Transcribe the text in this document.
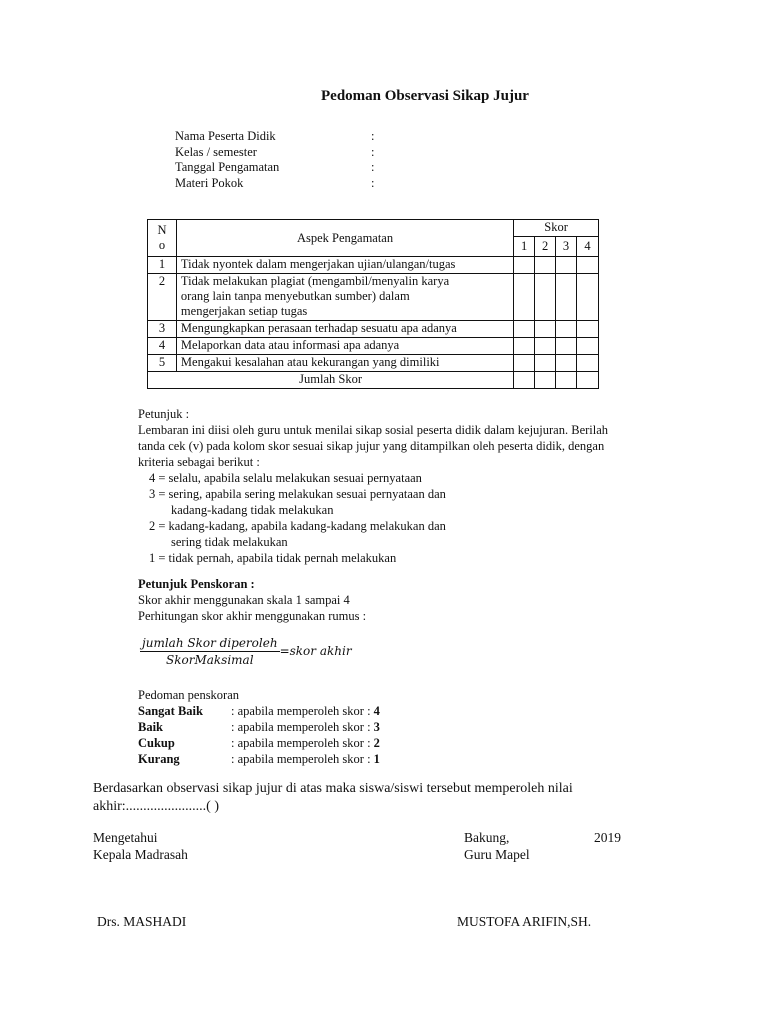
Pedoman Observasi Sikap Jujur
Nama Peserta Didik	:
Kelas / semester	:
Tanggal Pengamatan	:
Materi Pokok	:
N
o	Aspek Pengamatan	Skor			
		1	2	3	4
1	Tidak nyontek dalam mengerjakan ujian/ulangan/tugas				

2	Tidak melakukan plagiat (mengambil/menyalin karya
orang lain tanpa menyebutkan sumber) dalam
mengerjakan setiap tugas				

3	Mengungkapkan perasaan terhadap sesuatu apa adanya				

4	Melaporkan data atau informasi apa adanya				

5	Mengakui kesalahan atau kekurangan yang dimiliki				

Jumlah Skor					

Petunjuk :

Lembaran ini diisi oleh guru untuk menilai sikap sosial peserta didik dalam kejujuran. Berilah

tanda cek (v) pada kolom skor sesuai sikap jujur yang ditampilkan oleh peserta didik, dengan

kriteria sebagai berikut :

4 = selalu, apabila selalu melakukan sesuai pernyataan

3 = sering, apabila sering melakukan sesuai pernyataan dan

kadang-kadang tidak melakukan

2 = kadang-kadang, apabila kadang-kadang melakukan dan

sering tidak melakukan

1 = tidak pernah, apabila tidak pernah melakukan

Petunjuk Penskoran :
Skor akhir menggunakan skala 1 sampai 4
Perhitungan skor akhir menggunakan rumus :
$\frac{\text{jumlah Skor diperoleh}}{\text{SkorMaksimal}}$ =skor akhir
Pedoman penskoran
Sangat Baik : apabila memperoleh skor : 4
Baik	: apabila memperoleh skor : 3
Cukup	: apabila memperoleh skor : 2
Kurang	: apabila memperoleh skor : 1
Berdasarkan observasi sikap jujur di atas maka siswa/siswi tersebut memperoleh nilai
akhir:.......................( )
Mengetahui
Kepala Madrasah
Drs. MASHADI
Bakung,	2019
Guru Mapel
MUSTOFA ARIFIN,SH.
